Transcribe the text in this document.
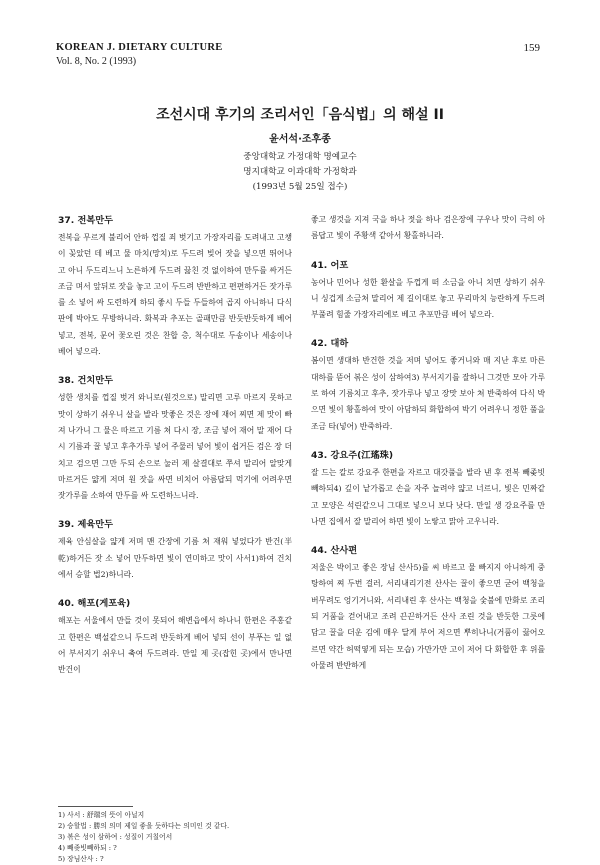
KOREAN J. DIETARY CULTURE
Vol. 8, No. 2 (1993)
159
조선시대 후기의 조리서인「음식법」의 해설 II
윤서석·조후종
중앙대학교 가정대학 명예교수
명지대학교 이과대학 가정학과
(1993년 5월 25일 접수)
37. 전복만두

전복을 무르게 불리어 안하 껍질 죄 벗기고 가장자리를 도려내고 고챙이 꽂았던 데 베고 물 마치(망치)로 두드려 빚어 잣을 넣으면 뛰어나고 아니 두드리느니 노른하게 두드려 끓친 것 없이하여 만두를 싸거든 조금 며서 앞뒤로 잣을 놓고 고이 두드려 반반하고 편편하거든 잣가루를 소 넣어 싸 도련하게 하되 좋시 두들 두들하여 곱지 아니하니 다식판에 박아도 무방하니라. 화복과 추포는 골패만큼 반듯반듯하게 베어 넣고, 전복, 문어 꽃오린 것은 찬합 층, 척수대로 두송이나 세송이나 베어 넣으라.

38. 건치만두

성한 생치를 껍질 벗겨 와니로(원것으로) 말리면 고루 마르지 못하고 맛이 상하기 쉬우니 살을 발라 맛좋은 것은 장에 재어 찌면 제 맛이 빠져 나가니 그 물은 따르고 기름 쳐 다시 장, 조금 넣어 재어 말 재어 다시 기름과 꿀 넣고 후추가루 넣어 주물러 넣어 빛이 쉽거든 검은 장 더 치고 검으면 그만 두되 손으로 눌러 제 살결대로 쭈셔 말리어 알맞게 마르거든 얇게 저며 원 잣을 싸면 비치어 아름답되 먹기에 어려우면 잣가루를 소하여 만두를 싸 도련하느니라.

39. 제육만두

제육 안심살을 얇게 저며 맨 간장에 기름 쳐 재워 넣었다가 반건(半乾)하거든 잣 소 넣어 만두하면 빛이 연미하고 맛이 사서1)하여 건치에서 승할 법2)하니라.

40. 해포(게포육)

해포는 서울에서 만들 것이 못되어 해변읍에서 하나니 한편은 주홍같고 한편은 백설같으니 두드려 반듯하게 베어 넣되 선이 부푸는 일 없어 부서지기 쉬우니 축여 두드려라. 만일 제 곳(잡힌 곳)에서 만나면 반건이

좋고 생것을 지져 국을 하나 젓을 하나 검은장에 구우나 맛이 극히 아름답고 빛이 주황색 같아서 황홀하니라.

41. 어포

농어나 민어나 성한 환살을 두껍게 떠 소금을 아니 치면 상하기 쉬우니 싱겁게 소금쳐 말리어 제 길이대로 놓고 무리마치 능란하게 두드려 부풀려 힘줄 가장자리에로 베고 추포만큼 베어 넣으라.

42. 대하

봄이면 생대하 반건한 것을 저며 넣어도 좋거니와 매 지난 후로 마른 대하를 뜯어 볶은 성이 삼하여3) 부서지기를 잘하니 그것만 모아 가루로 하여 기름치고 후추, 잣가루나 넣고 장맛 보아 쳐 반죽하여 다식 박으면 빛이 황홀하여 맛이 아담하되 화합하여 박기 어려우니 정한 풀을 조금 타(넣어) 반죽하라.

43. 강요주(江瑤珠)

잘 드는 칼로 강요주 한편을 자르고 대갓풀을 발라 낸 후 전복 빼좆빗빼하되4) 깊이 낱가롭고 손을 자주 놀려야 얇고 너르니, 빛은 민짜같고 모양은 석린같으니 그대로 넣으니 보다 낫다. 만일 생 강요주를 만나면 집에서 잘 말리어 하면 빛이 노랗고 맑아 고우니라.

44. 산사편

저울은 박이고 좋은 장님 산사5)를 씨 바르고 물 빠지지 아니하게 중탕하여 쪄 두번 걸러, 서리내리기전 산사는 꿀이 좋으면 굳어 백청을 버무려도 엉기거니와, 서리내린 후 산사는 백청을 숯불에 만화로 조리되 거품을 걷어내고 조려 끈끈하거든 산사 조린 것을 반듯한 그릇에 담고 꿀을 더운 김에 매우 달게 부어 저으면 뿌히나니(거품이 끓어오르면 약간 허떡옇게 되는 모습) 가만가만 고이 저어 다 화합한 후 위를 아물려 반반하게

1) 사서 : 舒瑞의 뜻이 아닐지
2) 승할법 : 勝의 의미 제일 좋을 듯하다는 의미인 것 같다.
3) 볶은 성이 삼하여 : 성질이 거칠어서
4) 빼좆빗빼하되 : ?
5) 장님산사 : ?
